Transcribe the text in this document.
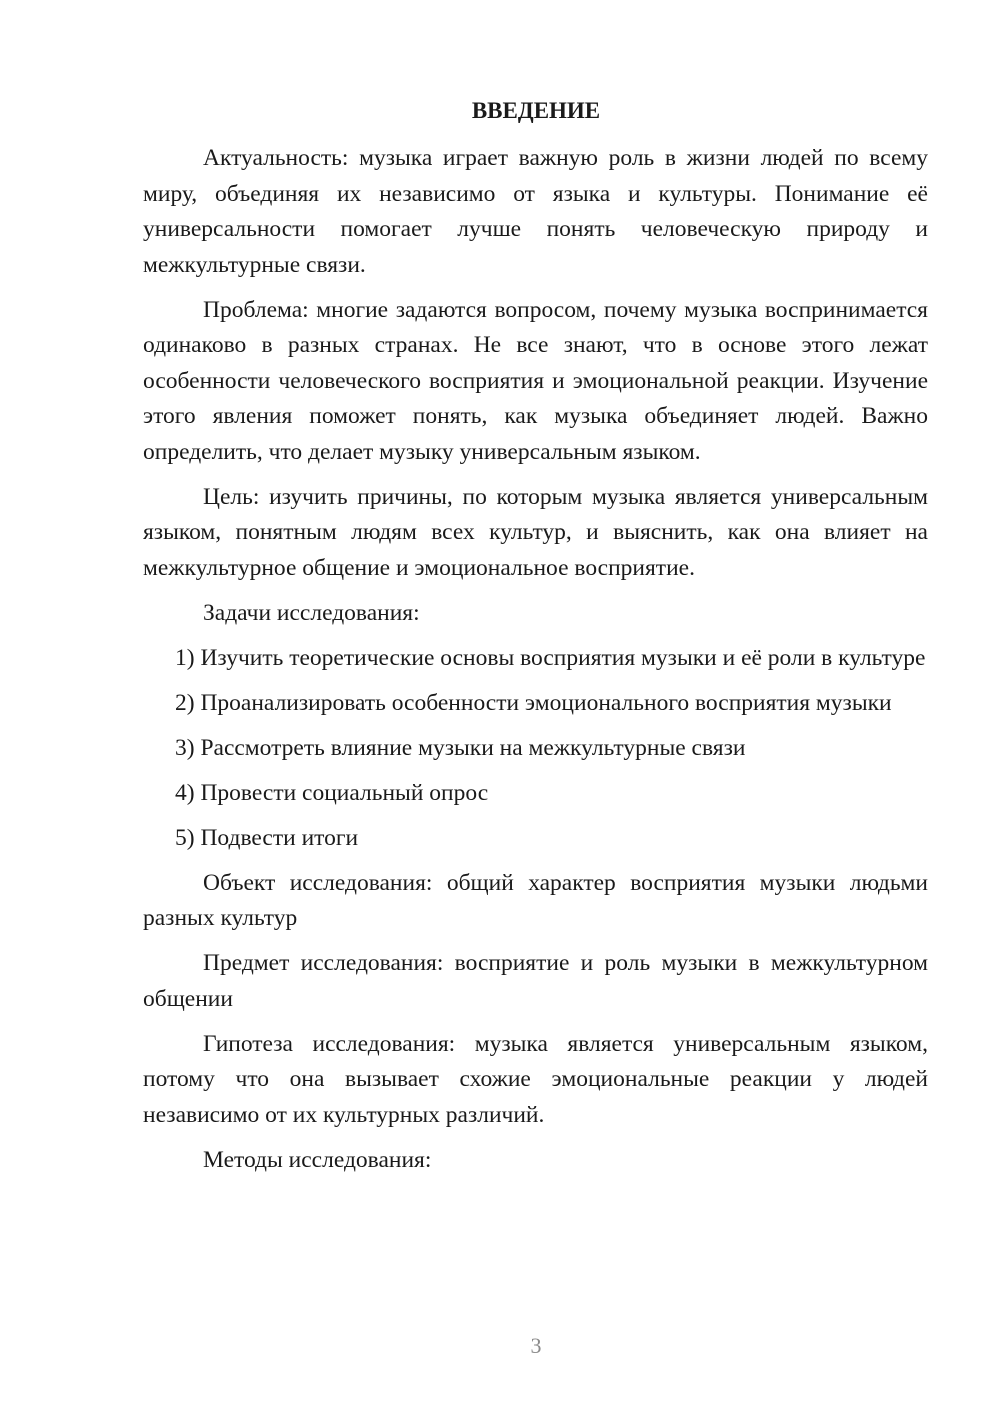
ВВЕДЕНИЕ

Актуальность: музыка играет важную роль в жизни людей по всему миру, объединяя их независимо от языка и культуры. Понимание её универсальности помогает лучше понять человеческую природу и межкультурные связи.

Проблема: многие задаются вопросом, почему музыка воспринимается одинаково в разных странах. Не все знают, что в основе этого лежат особенности человеческого восприятия и эмоциональной реакции. Изучение этого явления поможет понять, как музыка объединяет людей. Важно определить, что делает музыку универсальным языком.

Цель: изучить причины, по которым музыка является универсальным языком, понятным людям всех культур, и выяснить, как она влияет на межкультурное общение и эмоциональное восприятие.

Задачи исследования:

1) Изучить теоретические основы восприятия музыки и её роли в культуре

2) Проанализировать особенности эмоционального восприятия музыки

3) Рассмотреть влияние музыки на межкультурные связи

4) Провести социальный опрос

5) Подвести итоги

Объект исследования: общий характер восприятия музыки людьми разных культур

Предмет исследования: восприятие и роль музыки в межкультурном общении

Гипотеза исследования: музыка является универсальным языком, потому что она вызывает схожие эмоциональные реакции у людей независимо от их культурных различий.

Методы исследования:

3
